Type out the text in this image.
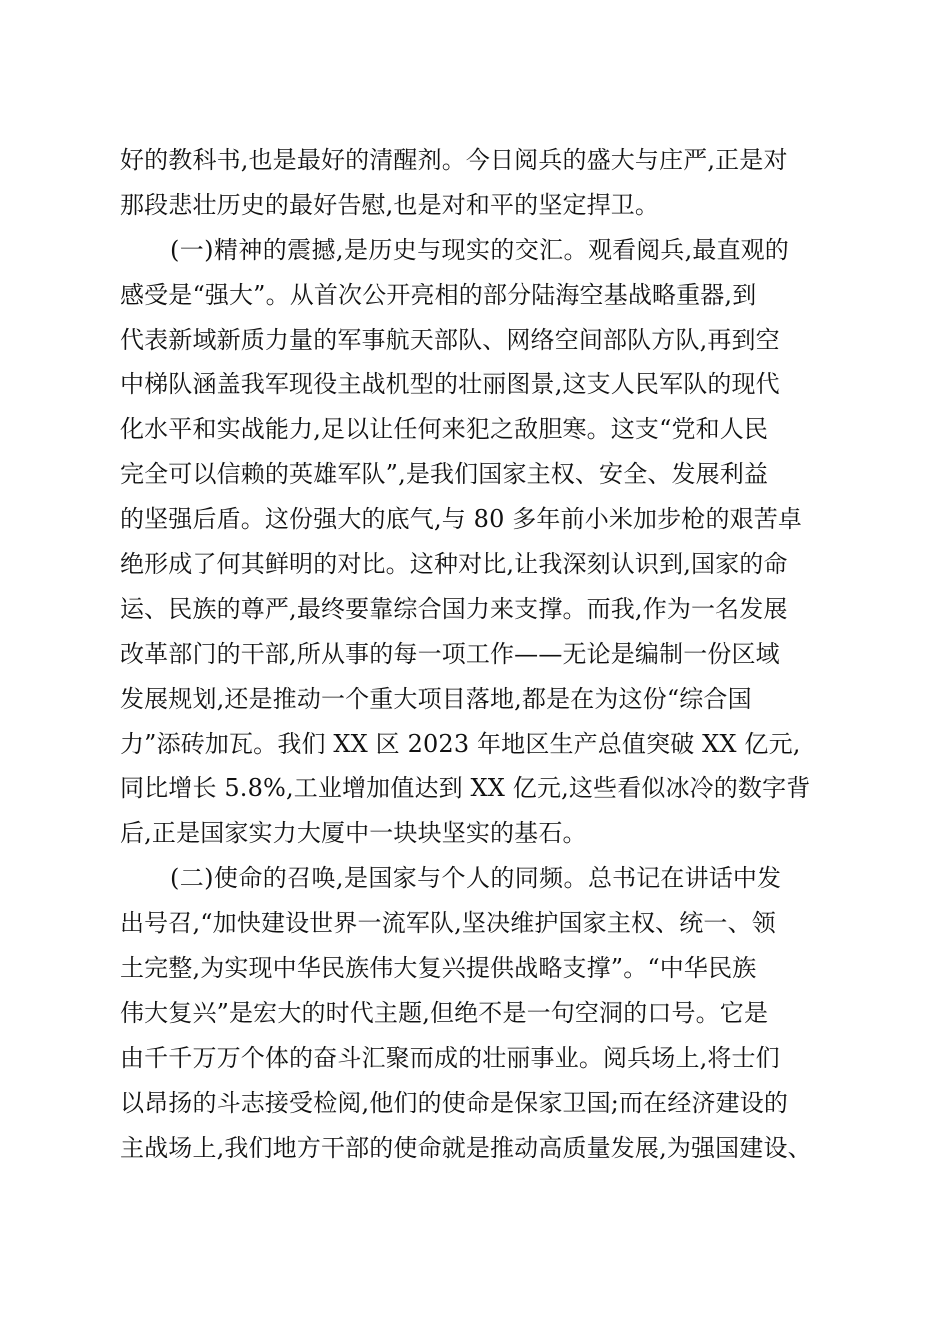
好的教科书,也是最好的清醒剂。今日阅兵的盛大与庄严,正是对
那段悲壮历史的最好告慰,也是对和平的坚定捍卫。
(一)精神的震撼,是历史与现实的交汇。观看阅兵,最直观的
感受是“强大”。从首次公开亮相的部分陆海空基战略重器,到
代表新域新质力量的军事航天部队、网络空间部队方队,再到空
中梯队涵盖我军现役主战机型的壮丽图景,这支人民军队的现代
化水平和实战能力,足以让任何来犯之敌胆寒。这支“党和人民
完全可以信赖的英雄军队”,是我们国家主权、安全、发展利益
的坚强后盾。这份强大的底气,与 80 多年前小米加步枪的艰苦卓
绝形成了何其鲜明的对比。这种对比,让我深刻认识到,国家的命
运、民族的尊严,最终要靠综合国力来支撑。而我,作为一名发展
改革部门的干部,所从事的每一项工作——无论是编制一份区域
发展规划,还是推动一个重大项目落地,都是在为这份“综合国
力”添砖加瓦。我们 XX 区 2023 年地区生产总值突破 XX 亿元,
同比增长 5.8%,工业增加值达到 XX 亿元,这些看似冰冷的数字背
后,正是国家实力大厦中一块块坚实的基石。
(二)使命的召唤,是国家与个人的同频。总书记在讲话中发
出号召,“加快建设世界一流军队,坚决维护国家主权、统一、领
土完整,为实现中华民族伟大复兴提供战略支撑”。“中华民族
伟大复兴”是宏大的时代主题,但绝不是一句空洞的口号。它是
由千千万万个体的奋斗汇聚而成的壮丽事业。阅兵场上,将士们
以昂扬的斗志接受检阅,他们的使命是保家卫国;而在经济建设的
主战场上,我们地方干部的使命就是推动高质量发展,为强国建设、
